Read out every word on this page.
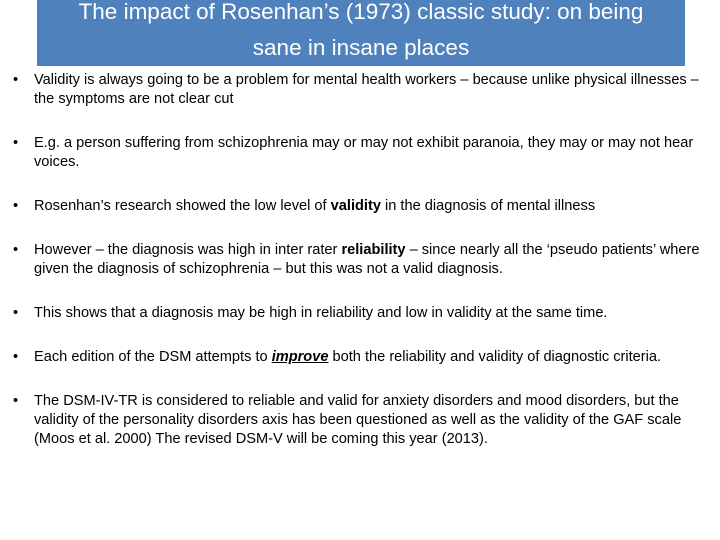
The impact of Rosenhan’s (1973) classic study: on being
sane in insane places
•	Validity is always going to be a problem for mental health workers – because unlike physical illnesses – the symptoms are not clear cut
•	E.g. a person suffering from schizophrenia may or may not exhibit paranoia, they may or may not hear voices.
•	Rosenhan’s research showed the low level of validity in the diagnosis of mental illness
•	However – the diagnosis was high in inter rater reliability – since nearly all the ‘pseudo patients’ where given the diagnosis of schizophrenia – but this was not a valid diagnosis.
•	This shows that a diagnosis may be high in reliability and low in validity at the same time.
•	Each edition of the DSM attempts to improve both the reliability and validity of diagnostic criteria.
•	The DSM-IV-TR is considered to reliable and valid for anxiety disorders and mood disorders, but the validity of the personality disorders axis has been questioned as well as the validity of the GAF scale (Moos et al. 2000) The revised DSM-V will be coming this year (2013).
